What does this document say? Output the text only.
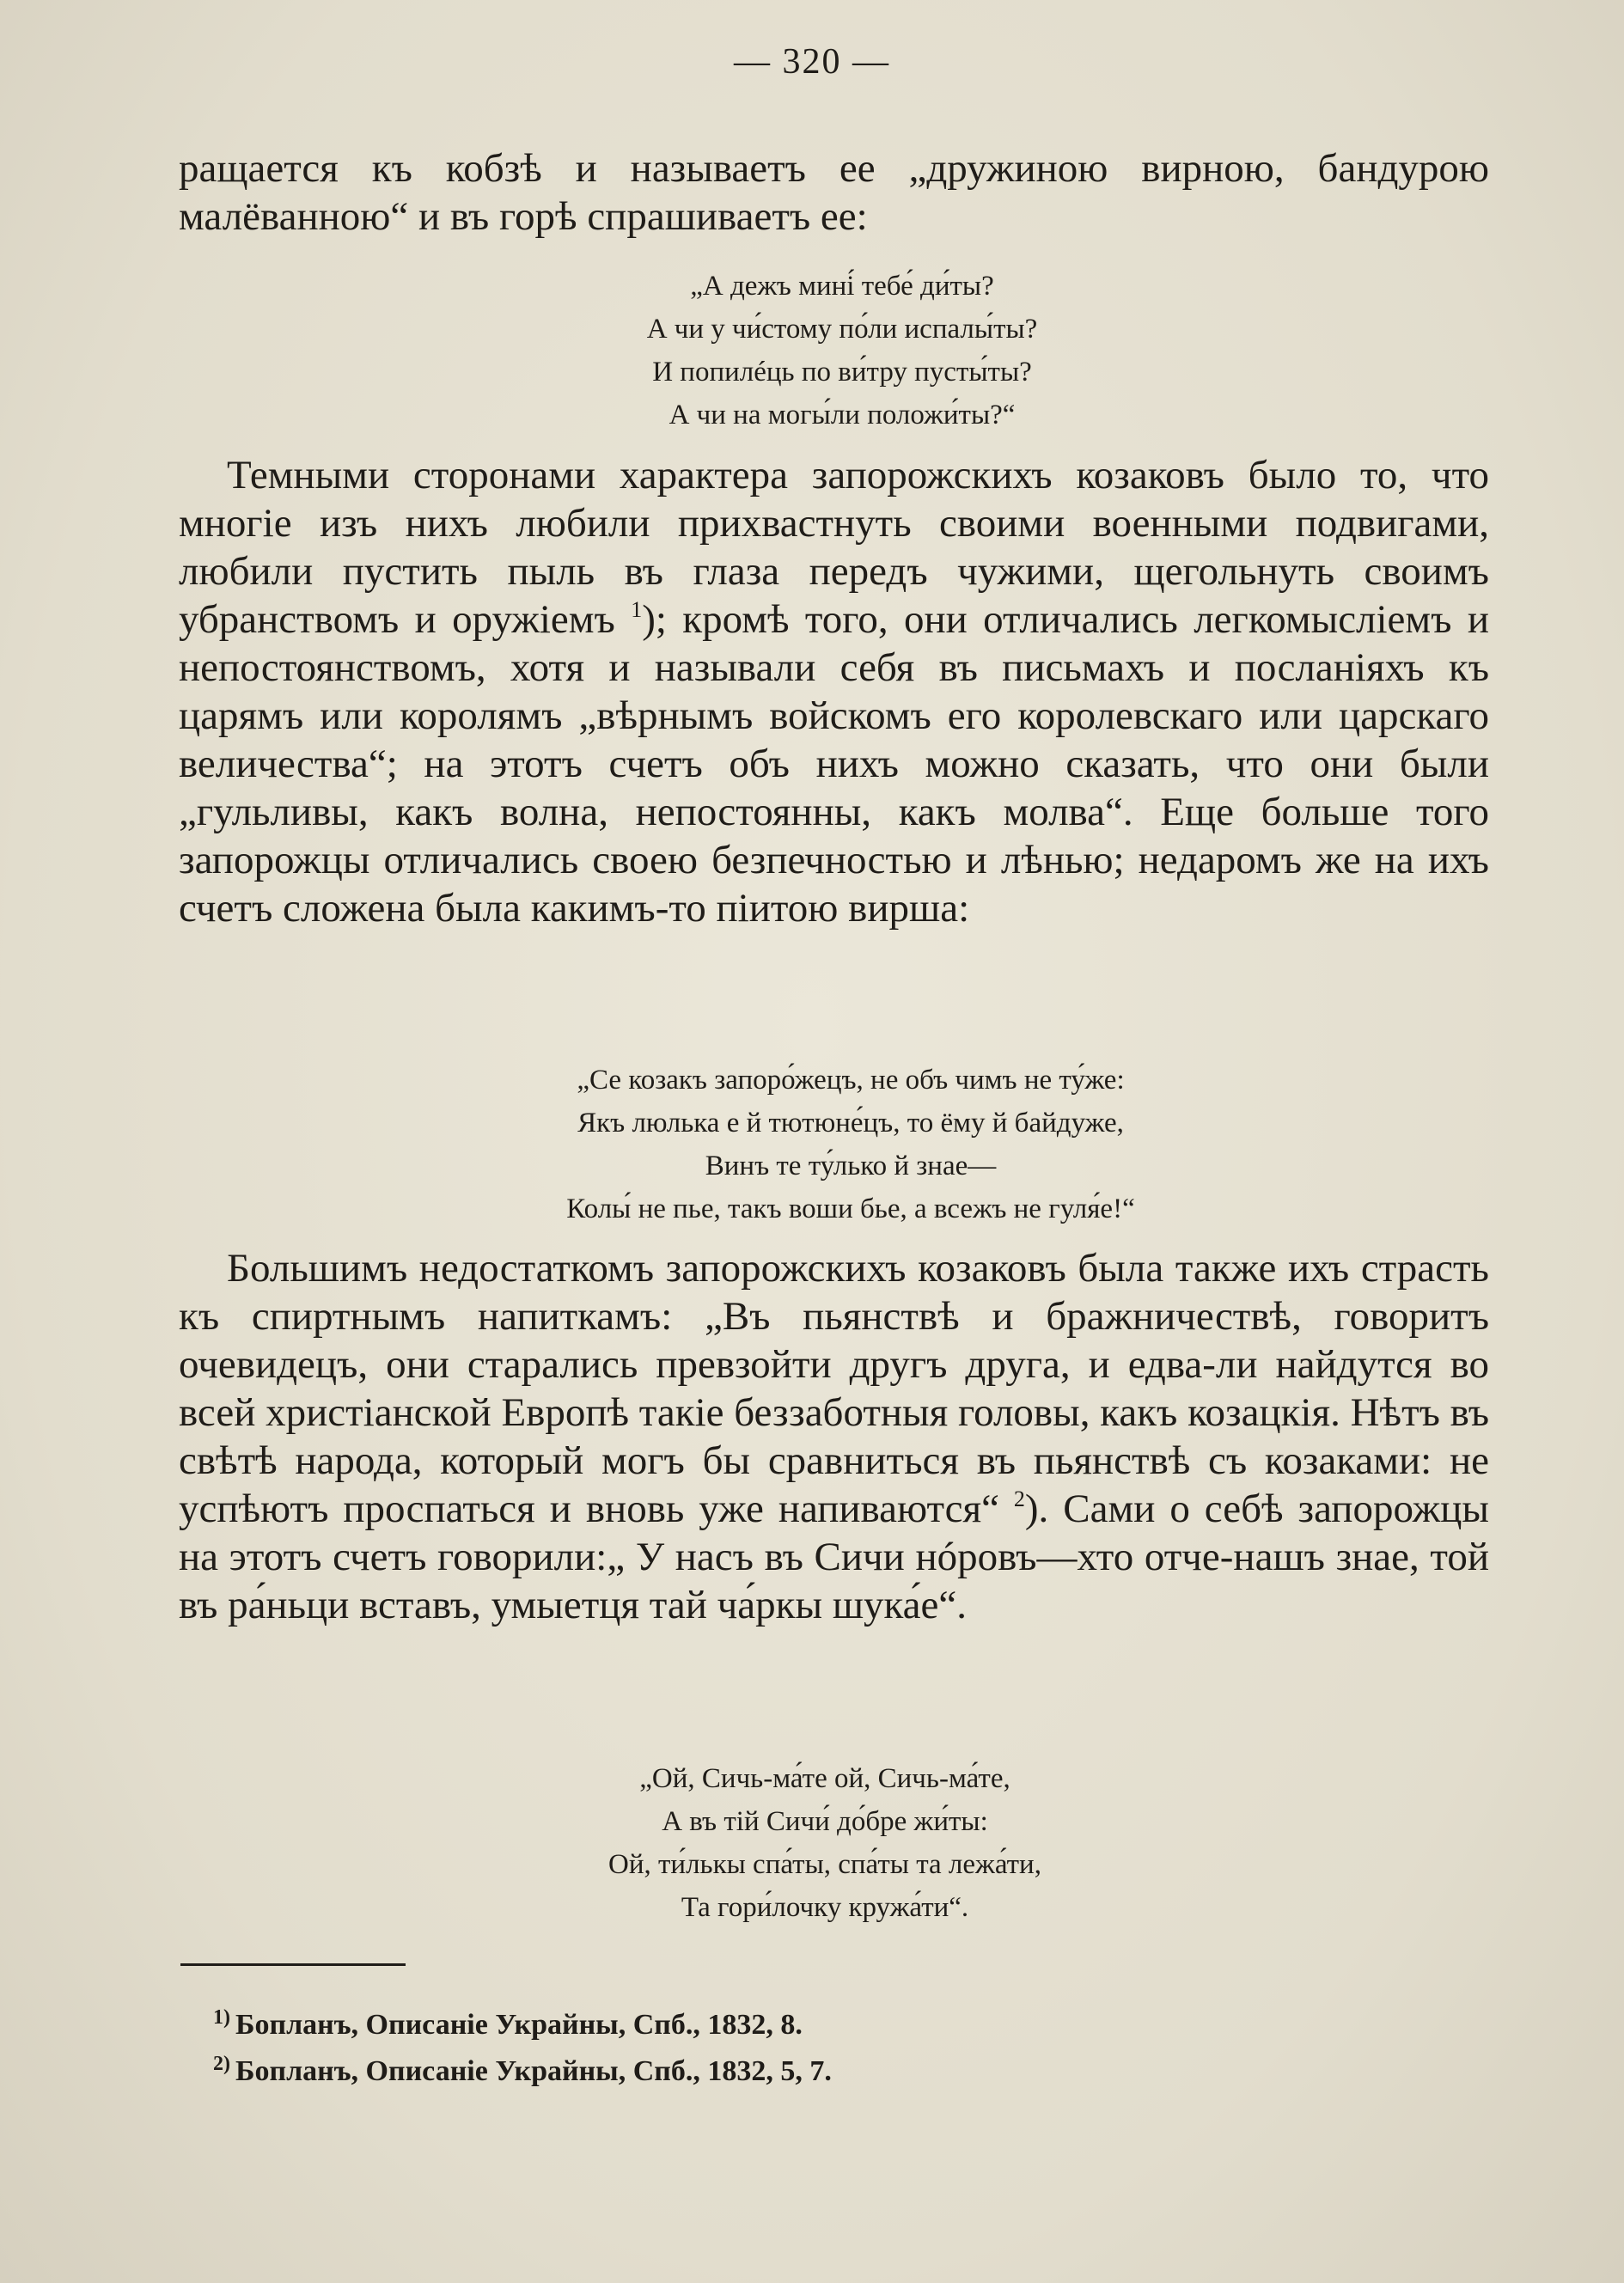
— 320 —

ращается къ кобзѣ и называетъ ее „дружиною вирною, бандурою малёванною“ и въ горѣ спрашиваетъ ее:

„А дежъ мині́ тебе́ ди́ты?
А чи у чи́стому по́ли испалы́ты?
И попилéць по ви́тру пусты́ты?
А чи на могы́ли положи́ты?“

Темными сторонами характера запорожскихъ козаковъ было то, что многіе изъ нихъ любили прихвастнуть своими военными подвигами, любили пустить пыль въ глаза передъ чужими, щегольнуть своимъ убранствомъ и оружіемъ $^1$); кромѣ того, они отличались легкомысліемъ и непостоянствомъ, хотя и называли себя въ письмахъ и посланіяхъ къ царямъ или королямъ „вѣрнымъ войскомъ его королевскаго или царскаго величества“; на этотъ счетъ объ нихъ можно сказать, что они были „гульливы, какъ волна, непостоянны, какъ молва“. Еще больше того запорожцы отличались своею безпечностью и лѣнью; недаромъ же на ихъ счетъ сложена была какимъ-то піитою вирша:

„Се козакъ запоро́жецъ, не объ чимъ не ту́же:
Якъ люлька е й тютюне́цъ, то ёму й байдуже,
Винъ те ту́лько й знае—
Колы́ не пье, такъ воши бье, а всежъ не гуля́е!“

Большимъ недостаткомъ запорожскихъ козаковъ была также ихъ страсть къ спиртнымъ напиткамъ: „Въ пьянствѣ и бражничествѣ, говоритъ очевидецъ, они старались превзойти другъ друга, и едва-ли найдутся во всей христіанской Европѣ такіе беззаботныя головы, какъ козацкія. Нѣтъ въ свѣтѣ народа, который могъ бы сравниться въ пьянствѣ съ козаками: не успѣютъ проспаться и вновь уже напиваются“ $^2$). Сами о себѣ запорожцы на этотъ счетъ говорили:„ У насъ въ Сичи нóровъ—хто отче-нашъ знае, той въ ра́ньци вставъ, умыетця тай ча́ркы шука́е“.

„Ой, Сичь-ма́те ой, Сичь-ма́те,
А въ тій Сичи́ до́бре жи́ты:
Ой, ти́лькы спа́ты, спа́ты та лежа́ти,
Та гори́лочку кружа́ти“.
$^{1)}$ Бопланъ, Описаніе Украйны, Спб., 1832, 8.
$^{2)}$ Бопланъ, Описаніе Украйны, Спб., 1832, 5, 7.
